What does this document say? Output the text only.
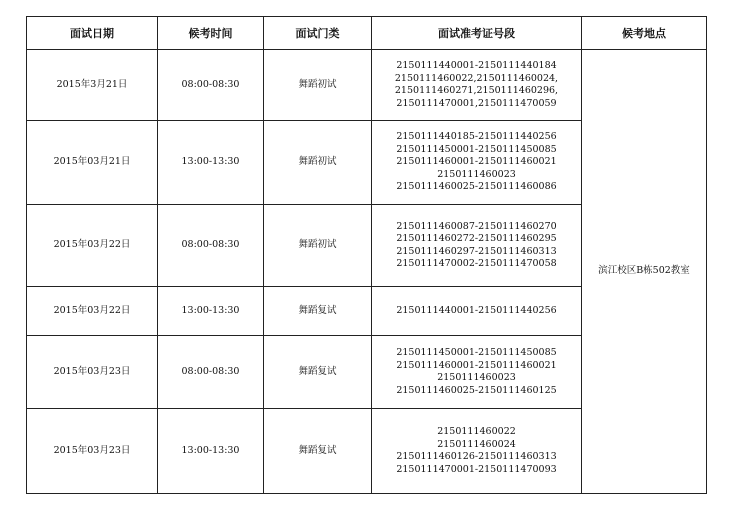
面试日期	候考时间	面试门类	面试准考证号段	候考地点
2015年3月21日	08:00-08:30	舞蹈初试	2150111440001-2150111440184
2150111460022,2150111460024,
2150111460271,2150111460296,
2150111470001,2150111470059	滨江校区B栋502教室
2015年03月21日	13:00-13:30	舞蹈初试	2150111440185-2150111440256
2150111450001-2150111450085
2150111460001-2150111460021
2150111460023
2150111460025-2150111460086	

2015年03月22日	08:00-08:30	舞蹈初试	2150111460087-2150111460270
2150111460272-2150111460295
2150111460297-2150111460313
2150111470002-2150111470058	

2015年03月22日	13:00-13:30	舞蹈复试	2150111440001-2150111440256	

2015年03月23日	08:00-08:30	舞蹈复试	2150111450001-2150111450085
2150111460001-2150111460021
2150111460023
2150111460025-2150111460125	

2015年03月23日	13:00-13:30	舞蹈复试	2150111460022
2150111460024
2150111460126-2150111460313
2150111470001-2150111470093	
